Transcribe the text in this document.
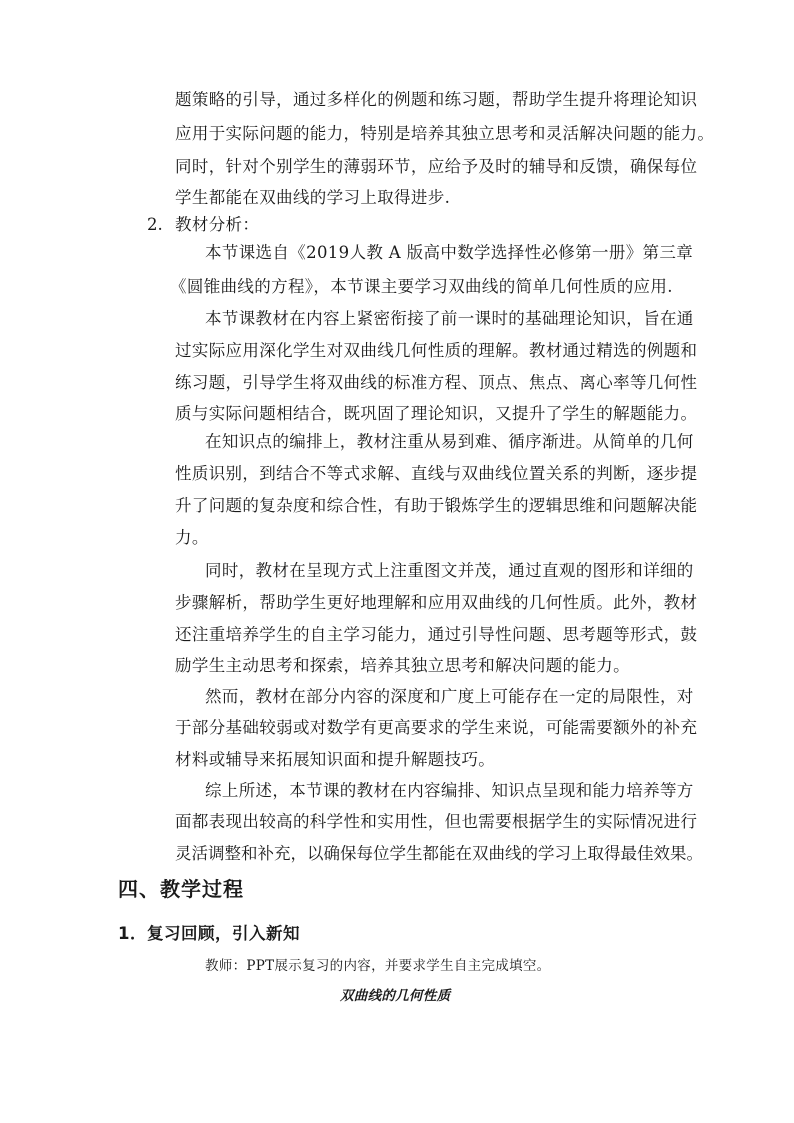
题策略的引导，通过多样化的例题和练习题，帮助学生提升将理论知识
应用于实际问题的能力，特别是培养其独立思考和灵活解决问题的能力。
同时，针对个别学生的薄弱环节，应给予及时的辅导和反馈，确保每位
学生都能在双曲线的学习上取得进步.
2. 教材分析：
本节课选自《2019人教 A 版高中数学选择性必修第一册》第三章
《圆锥曲线的方程》，本节课主要学习双曲线的简单几何性质的应用.
本节课教材在内容上紧密衔接了前一课时的基础理论知识，旨在通
过实际应用深化学生对双曲线几何性质的理解。教材通过精选的例题和
练习题，引导学生将双曲线的标准方程、顶点、焦点、离心率等几何性
质与实际问题相结合，既巩固了理论知识，又提升了学生的解题能力。
在知识点的编排上，教材注重从易到难、循序渐进。从简单的几何
性质识别，到结合不等式求解、直线与双曲线位置关系的判断，逐步提
升了问题的复杂度和综合性，有助于锻炼学生的逻辑思维和问题解决能
力。
同时，教材在呈现方式上注重图文并茂，通过直观的图形和详细的
步骤解析，帮助学生更好地理解和应用双曲线的几何性质。此外，教材
还注重培养学生的自主学习能力，通过引导性问题、思考题等形式，鼓
励学生主动思考和探索，培养其独立思考和解决问题的能力。
然而，教材在部分内容的深度和广度上可能存在一定的局限性，对
于部分基础较弱或对数学有更高要求的学生来说，可能需要额外的补充
材料或辅导来拓展知识面和提升解题技巧。
综上所述，本节课的教材在内容编排、知识点呈现和能力培养等方
面都表现出较高的科学性和实用性，但也需要根据学生的实际情况进行
灵活调整和补充，以确保每位学生都能在双曲线的学习上取得最佳效果。
四、教学过程
1．复习回顾，引入新知
教师：PPT展示复习的内容，并要求学生自主完成填空。
双曲线的几何性质
